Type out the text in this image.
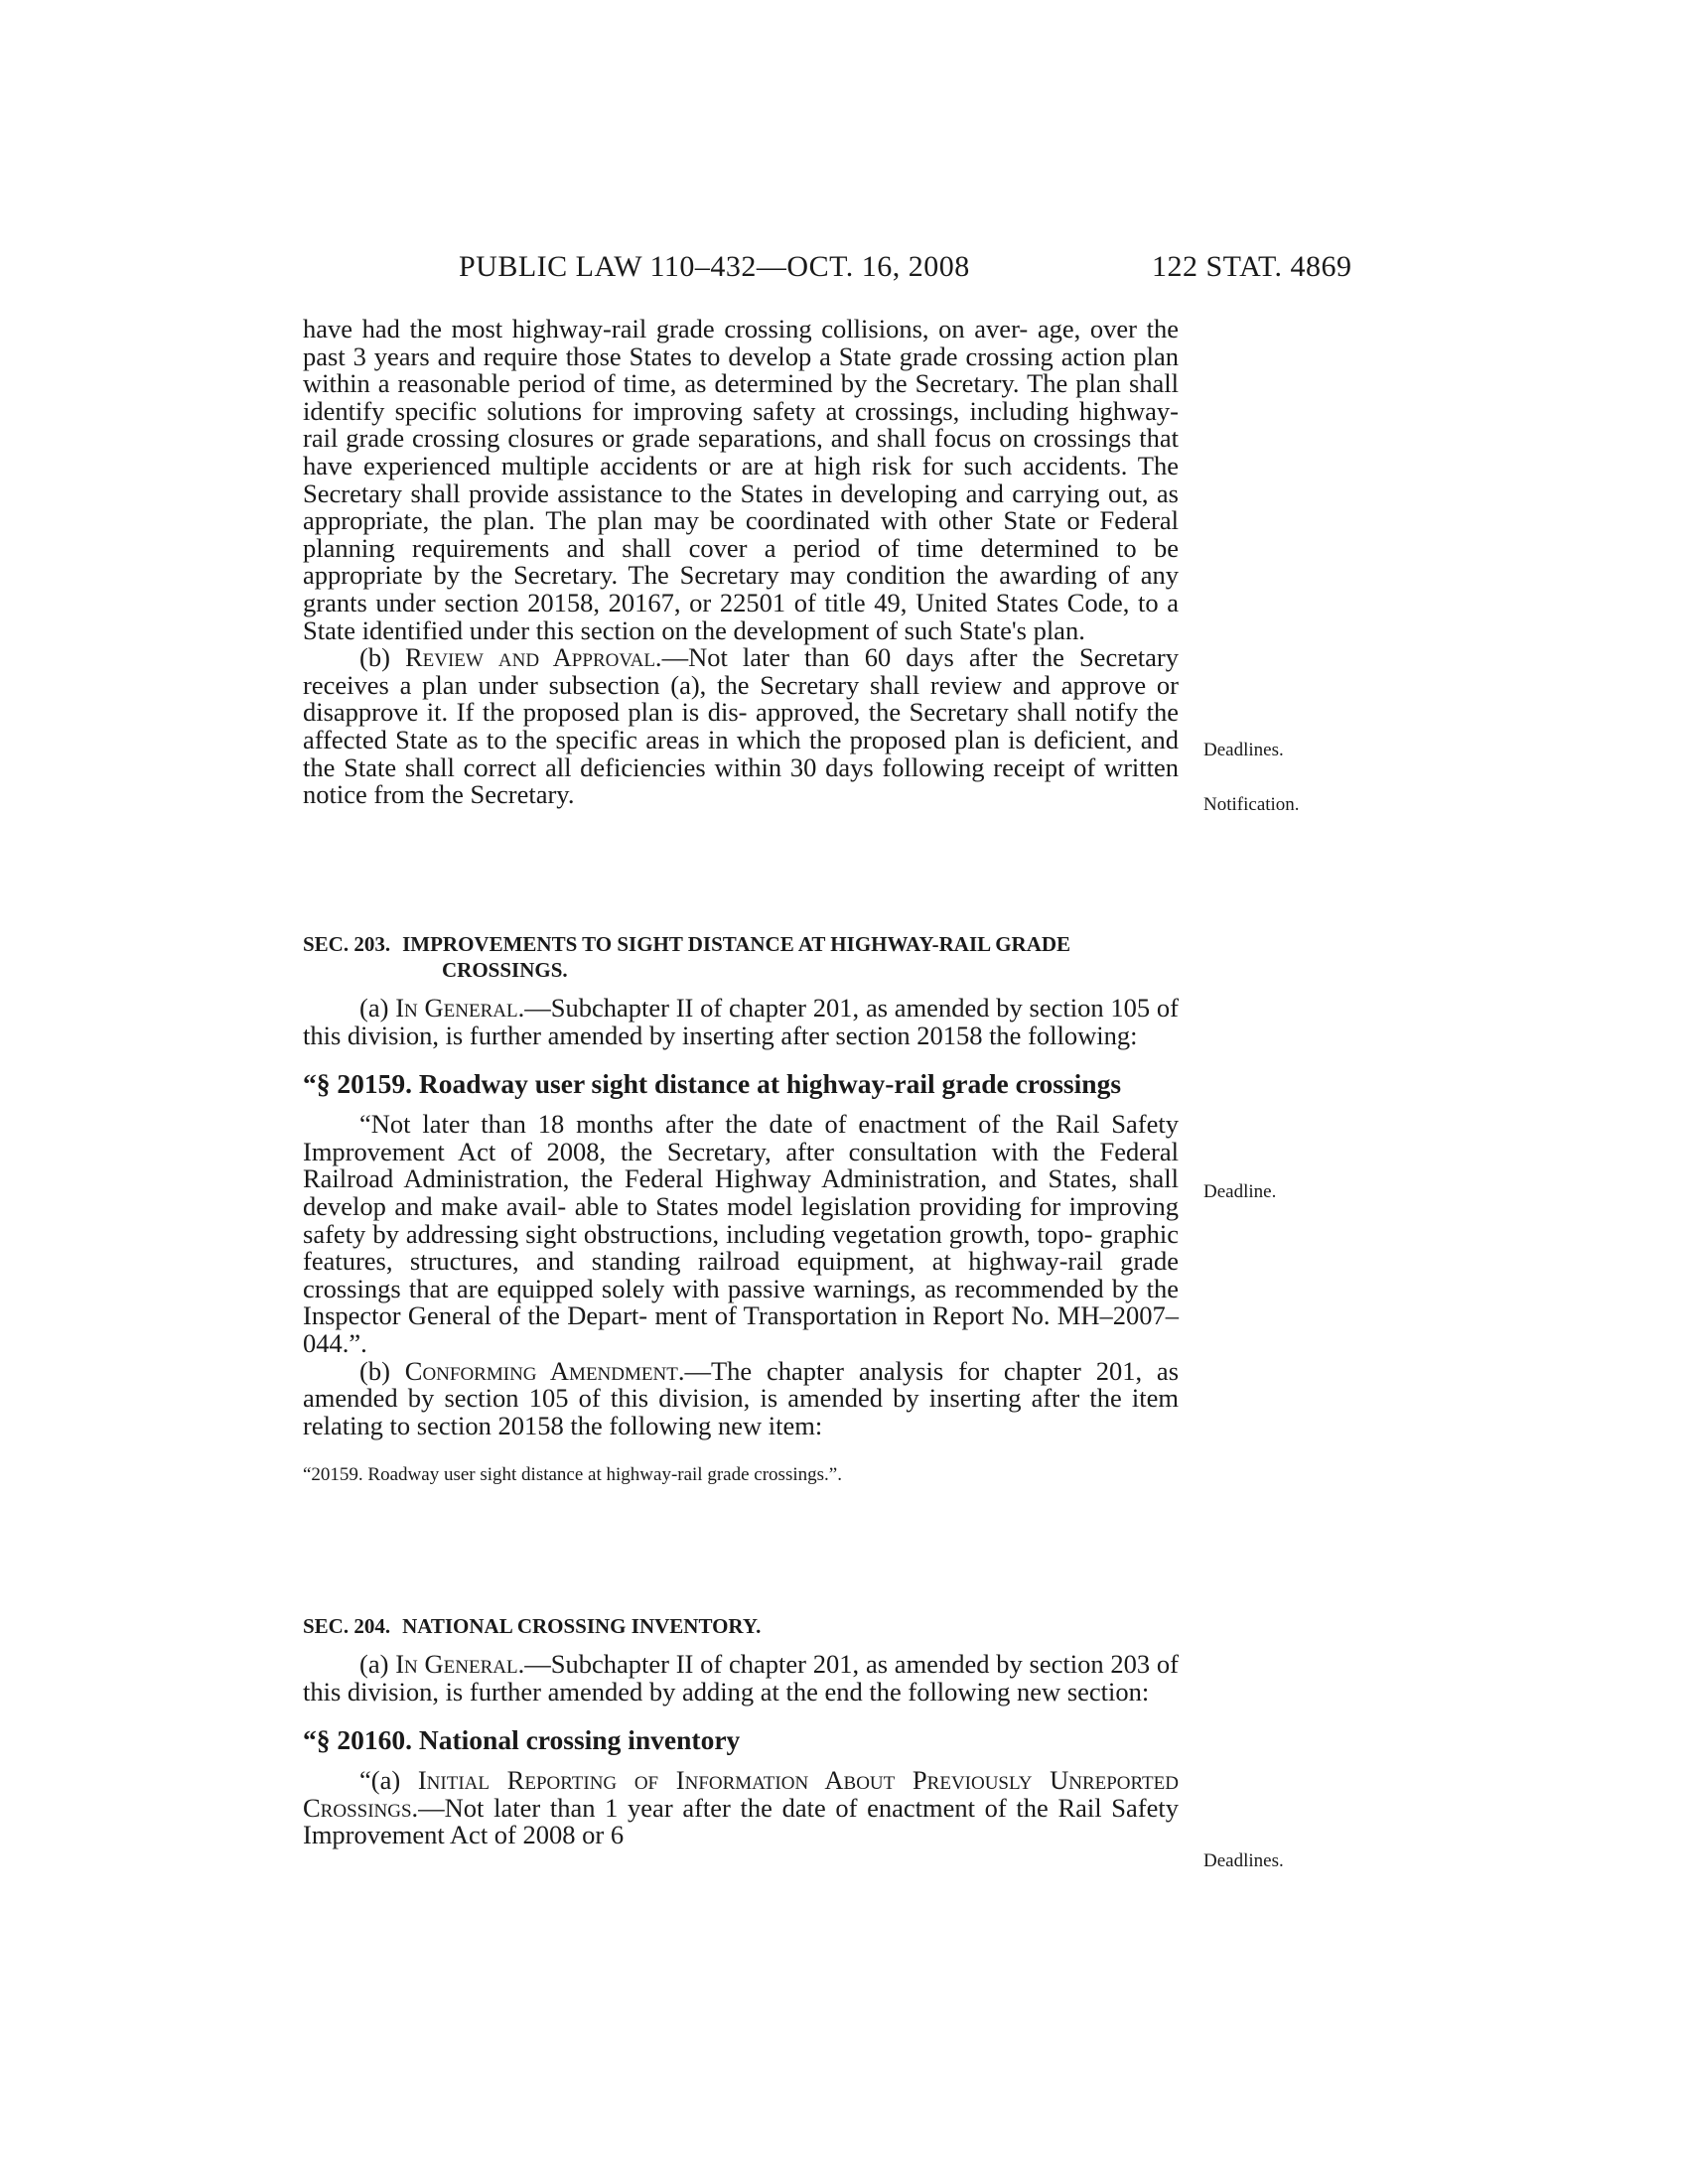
PUBLIC LAW 110–432—OCT. 16, 2008	122 STAT. 4869

have had the most highway-rail grade crossing collisions, on aver- age, over the past 3 years and require those States to develop a State grade crossing action plan within a reasonable period of time, as determined by the Secretary. The plan shall identify specific solutions for improving safety at crossings, including highway-rail grade crossing closures or grade separations, and shall focus on crossings that have experienced multiple accidents or are at high risk for such accidents. The Secretary shall provide assistance to the States in developing and carrying out, as appropriate, the plan. The plan may be coordinated with other State or Federal planning requirements and shall cover a period of time determined to be appropriate by the Secretary. The Secretary may condition the awarding of any grants under section 20158, 20167, or 22501 of title 49, United States Code, to a State identified under this section on the development of such State's plan.

(b) Review and Approval.—Not later than 60 days after the Secretary receives a plan under subsection (a), the Secretary shall review and approve or disapprove it. If the proposed plan is dis- approved, the Secretary shall notify the affected State as to the specific areas in which the proposed plan is deficient, and the State shall correct all deficiencies within 30 days following receipt of written notice from the Secretary.

SEC. 203. IMPROVEMENTS TO SIGHT DISTANCE AT HIGHWAY-RAIL GRADE CROSSINGS.

(a) In General.—Subchapter II of chapter 201, as amended by section 105 of this division, is further amended by inserting after section 20158 the following:

“§ 20159. Roadway user sight distance at highway-rail grade crossings

“Not later than 18 months after the date of enactment of the Rail Safety Improvement Act of 2008, the Secretary, after consultation with the Federal Railroad Administration, the Federal Highway Administration, and States, shall develop and make avail- able to States model legislation providing for improving safety by addressing sight obstructions, including vegetation growth, topo- graphic features, structures, and standing railroad equipment, at highway-rail grade crossings that are equipped solely with passive warnings, as recommended by the Inspector General of the Depart- ment of Transportation in Report No. MH–2007–044.”.

(b) Conforming Amendment.—The chapter analysis for chapter 201, as amended by section 105 of this division, is amended by inserting after the item relating to section 20158 the following new item:

“20159. Roadway user sight distance at highway-rail grade crossings.”.

SEC. 204. NATIONAL CROSSING INVENTORY.

(a) In General.—Subchapter II of chapter 201, as amended by section 203 of this division, is further amended by adding at the end the following new section:

“§ 20160. National crossing inventory

“(a) Initial Reporting of Information About Previously Unreported Crossings.—Not later than 1 year after the date of enactment of the Rail Safety Improvement Act of 2008 or 6

Deadlines.
Notification.
Deadline.
Deadlines.
